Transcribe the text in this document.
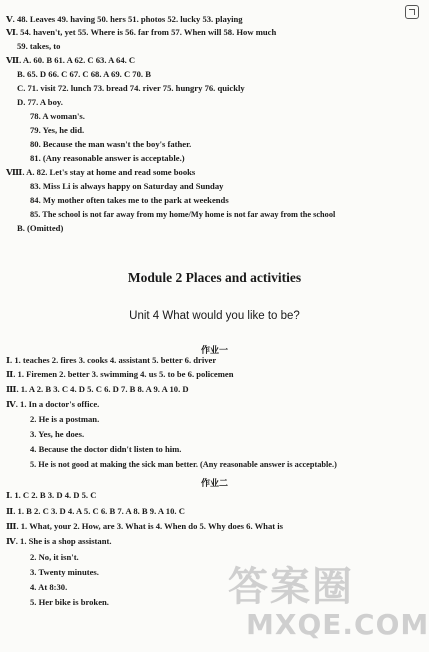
Ⅴ. 48. Leaves 49. having 50. hers 51. photos 52. lucky 53. playing
Ⅵ. 54. haven't, yet 55. Where is 56. far from 57. When will 58. How much
59. takes, to
Ⅶ. A. 60. B 61. A 62. C 63. A 64. C
B. 65. D 66. C 67. C 68. A 69. C 70. B
C. 71. visit 72. lunch 73. bread 74. river 75. hungry 76. quickly
D. 77. A boy.
78. A woman's.
79. Yes, he did.
80. Because the man wasn't the boy's father.
81. (Any reasonable answer is acceptable.)
Ⅷ. A. 82. Let's stay at home and read some books
83. Miss Li is always happy on Saturday and Sunday
84. My mother often takes me to the park at weekends
85. The school is not far away from my home/My home is not far away from the school
B. (Omitted)
Module 2 Places and activities
Unit 4 What would you like to be?
作业一
Ⅰ. 1. teaches 2. fires 3. cooks 4. assistant 5. better 6. driver
Ⅱ. 1. Firemen 2. better 3. swimming 4. us 5. to be 6. policemen
Ⅲ. 1. A 2. B 3. C 4. D 5. C 6. D 7. B 8. A 9. A 10. D
Ⅳ. 1. In a doctor's office.
2. He is a postman.
3. Yes, he does.
4. Because the doctor didn't listen to him.
5. He is not good at making the sick man better. (Any reasonable answer is acceptable.)
作业二
Ⅰ. 1. C 2. B 3. D 4. D 5. C
Ⅱ. 1. B 2. C 3. D 4. A 5. C 6. B 7. A 8. B 9. A 10. C
Ⅲ. 1. What, your 2. How, are 3. What is 4. When do 5. Why does 6. What is
Ⅳ. 1. She is a shop assistant.
2. No, it isn't.
3. Twenty minutes.
4. At 8:30.
5. Her bike is broken.	答案圈
MXQE.COM
